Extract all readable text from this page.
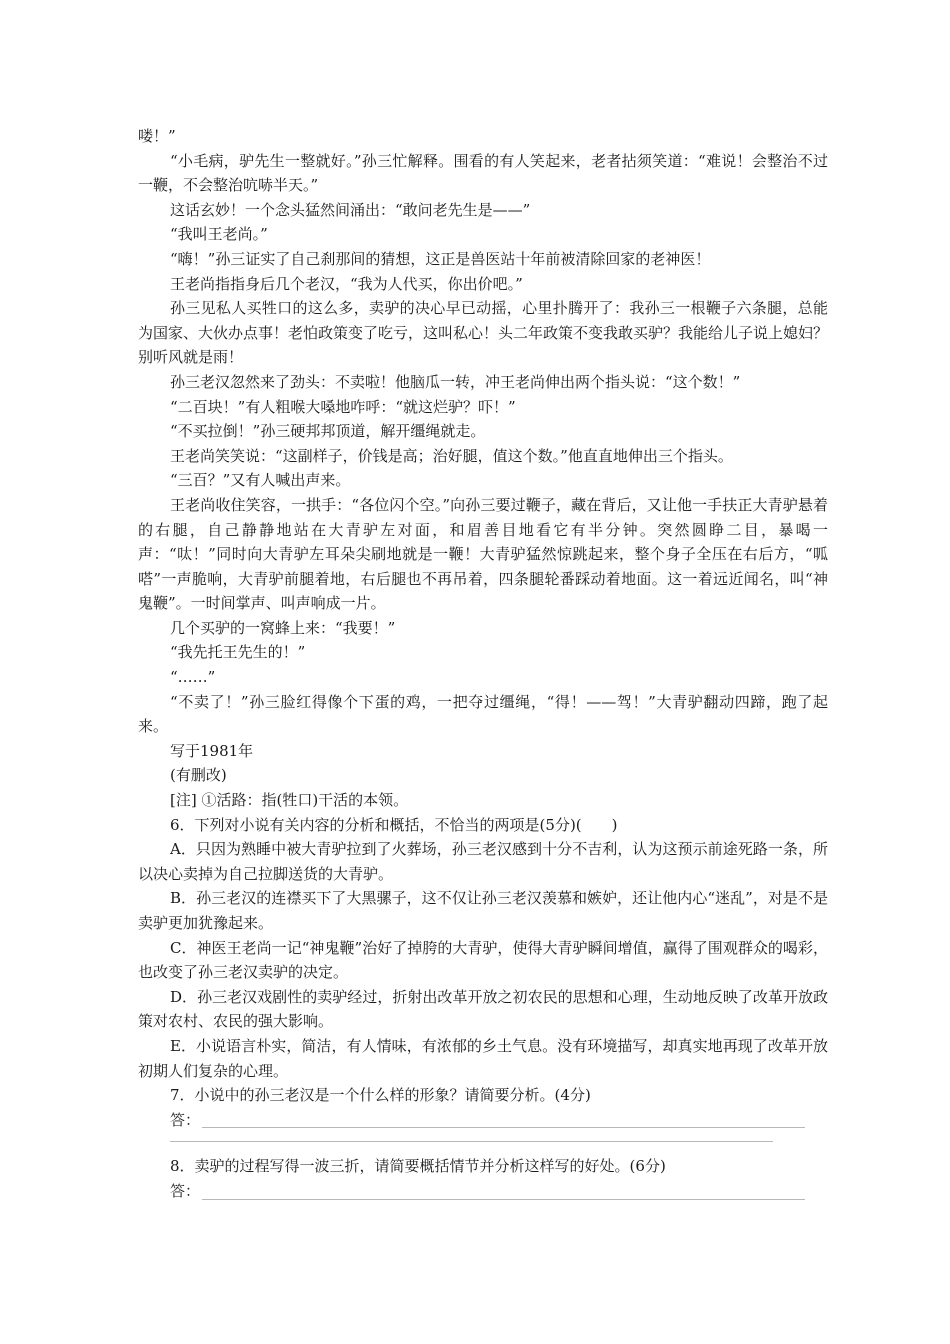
喽！”

“小毛病，驴先生一整就好。”孙三忙解释。围看的有人笑起来，老者拈须笑道：“难说！会整治不过一鞭，不会整治吭哧半天。”

这话玄妙！一个念头猛然间涌出：“敢问老先生是——”

“我叫王老尚。”

“嗨！”孙三证实了自己刹那间的猜想，这正是兽医站十年前被清除回家的老神医！

王老尚指指身后几个老汉，“我为人代买，你出价吧。”

孙三见私人买牲口的这么多，卖驴的决心早已动摇，心里扑腾开了：我孙三一根鞭子六条腿，总能为国家、大伙办点事！老怕政策变了吃亏，这叫私心！头二年政策不变我敢买驴？我能给儿子说上媳妇？别听风就是雨！

孙三老汉忽然来了劲头：不卖啦！他脑瓜一转，冲王老尚伸出两个指头说：“这个数！”

“二百块！”有人粗喉大嗓地咋呼：“就这烂驴？吓！”

“不买拉倒！”孙三硬邦邦顶道，解开缰绳就走。

王老尚笑笑说：“这副样子，价钱是高；治好腿，值这个数。”他直直地伸出三个指头。

“三百？”又有人喊出声来。

王老尚收住笑容，一拱手：“各位闪个空。”向孙三要过鞭子，藏在背后，又让他一手扶正大青驴悬着的右腿，自己静静地站在大青驴左对面，和眉善目地看它有半分钟。突然圆睁二目，暴喝一声：“呔！”同时向大青驴左耳朵尖刷地就是一鞭！大青驴猛然惊跳起来，整个身子全压在右后方，“呱嗒”一声脆响，大青驴前腿着地，右后腿也不再吊着，四条腿轮番踩动着地面。这一着远近闻名，叫“神鬼鞭”。一时间掌声、叫声响成一片。

几个买驴的一窝蜂上来：“我要！”

“我先托王先生的！”

“……”

“不卖了！”孙三脸红得像个下蛋的鸡，一把夺过缰绳，“得！——驾！”大青驴翻动四蹄，跑了起来。

写于1981年

(有删改)

[注] ①活路：指(牲口)干活的本领。

6．下列对小说有关内容的分析和概括，不恰当的两项是(5分)(　　)

A．只因为熟睡中被大青驴拉到了火葬场，孙三老汉感到十分不吉利，认为这预示前途死路一条，所以决心卖掉为自己拉脚送货的大青驴。

B．孙三老汉的连襟买下了大黑骡子，这不仅让孙三老汉羡慕和嫉妒，还让他内心“迷乱”，对是不是卖驴更加犹豫起来。

C．神医王老尚一记“神鬼鞭”治好了掉胯的大青驴，使得大青驴瞬间增值，赢得了围观群众的喝彩，也改变了孙三老汉卖驴的决定。

D．孙三老汉戏剧性的卖驴经过，折射出改革开放之初农民的思想和心理，生动地反映了改革开放政策对农村、农民的强大影响。

E．小说语言朴实，简洁，有人情味，有浓郁的乡土气息。没有环境描写，却真实地再现了改革开放初期人们复杂的心理。

7．小说中的孙三老汉是一个什么样的形象？请简要分析。(4分)

答：

8．卖驴的过程写得一波三折，请简要概括情节并分析这样写的好处。(6分)

答：
